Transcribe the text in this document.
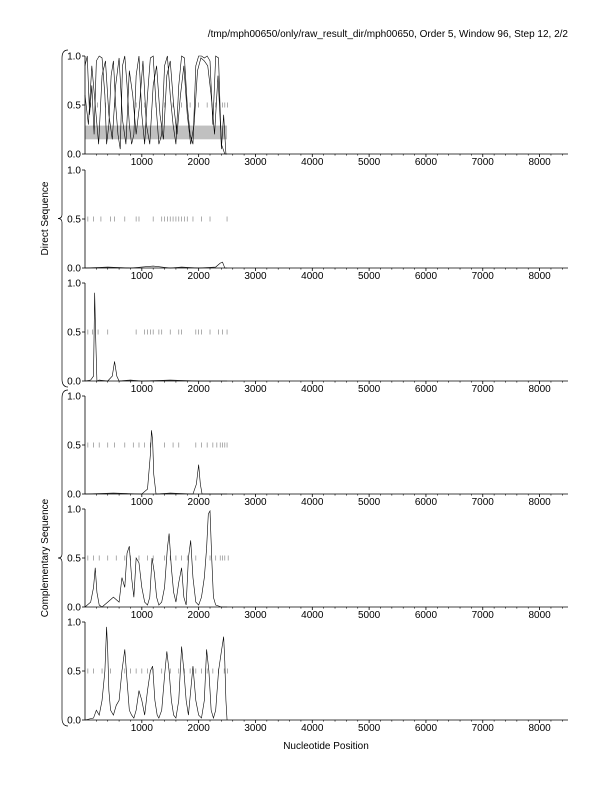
/tmp/mph00650/only/raw_result_dir/mph00650, Order 5, Window 96, Step 12, 2/2
0.0
0.5
1.0
1000	2000	3000	4000	5000	6000	7000	8000
0.0
0.5
1.0
1000	2000	3000	4000	5000	6000	7000	8000
0.0
0.5
1.0
1000	2000	3000	4000	5000	6000	7000	8000
0.0
0.5
1.0
1000	2000	3000	4000	5000	6000	7000	8000
0.0
0.5
1.0
1000	2000	3000	4000	5000	6000	7000	8000
0.0
0.5
1.0
1000	2000	3000	4000	5000	6000	7000	8000
Direct Sequence
Complementary Sequence
Nucleotide Position
